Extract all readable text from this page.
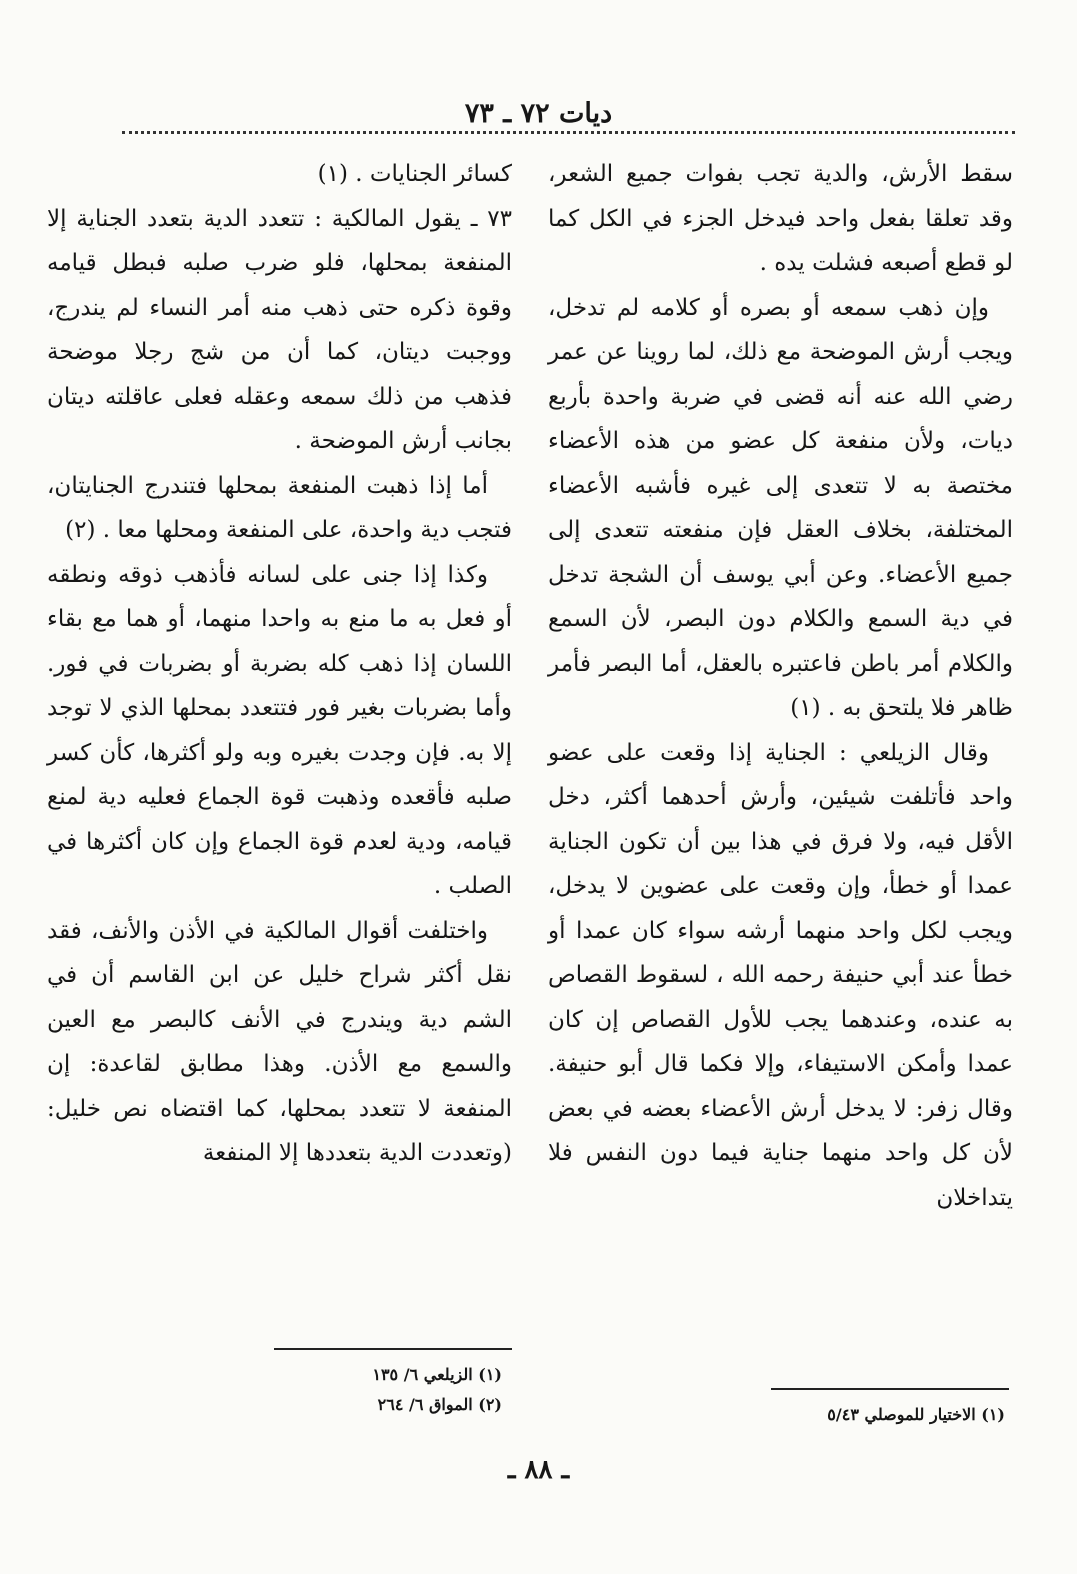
ديات ٧٢ ـ ٧٣

سقط الأرش، والدية تجب بفوات جميع الشعر، وقد تعلقا بفعل واحد فيدخل الجزء في الكل كما لو قطع أصبعه فشلت يده .

وإن ذهب سمعه أو بصره أو كلامه لم تدخل، ويجب أرش الموضحة مع ذلك، لما روينا عن عمر رضي الله عنه أنه قضى في ضربة واحدة بأربع ديات، ولأن منفعة كل عضو من هذه الأعضاء مختصة به لا تتعدى إلى غيره فأشبه الأعضاء المختلفة، بخلاف العقل فإن منفعته تتعدى إلى جميع الأعضاء. وعن أبي يوسف أن الشجة تدخل في دية السمع والكلام دون البصر، لأن السمع والكلام أمر باطن فاعتبره بالعقل، أما البصر فأمر ظاهر فلا يلتحق به . (١)

وقال الزيلعي : الجناية إذا وقعت على عضو واحد فأتلفت شيئين، وأرش أحدهما أكثر، دخل الأقل فيه، ولا فرق في هذا بين أن تكون الجناية عمدا أو خطأ، وإن وقعت على عضوين لا يدخل، ويجب لكل واحد منهما أرشه سواء كان عمدا أو خطأ عند أبي حنيفة رحمه الله ، لسقوط القصاص به عنده، وعندهما يجب للأول القصاص إن كان عمدا وأمكن الاستيفاء، وإلا فكما قال أبو حنيفة. وقال زفر: لا يدخل أرش الأعضاء بعضه في بعض لأن كل واحد منهما جناية فيما دون النفس فلا يتداخلان

كسائر الجنايات . (١)

٧٣ ـ يقول المالكية : تتعدد الدية بتعدد الجناية إلا المنفعة بمحلها، فلو ضرب صلبه فبطل قيامه وقوة ذكره حتى ذهب منه أمر النساء لم يندرج، ووجبت ديتان، كما أن من شج رجلا موضحة فذهب من ذلك سمعه وعقله فعلى عاقلته ديتان بجانب أرش الموضحة .

أما إذا ذهبت المنفعة بمحلها فتندرج الجنايتان، فتجب دية واحدة، على المنفعة ومحلها معا . (٢)

وكذا إذا جنى على لسانه فأذهب ذوقه ونطقه أو فعل به ما منع به واحدا منهما، أو هما مع بقاء اللسان إذا ذهب كله بضربة أو بضربات في فور. وأما بضربات بغير فور فتتعدد بمحلها الذي لا توجد إلا به. فإن وجدت بغيره وبه ولو أكثرها، كأن كسر صلبه فأقعده وذهبت قوة الجماع فعليه دية لمنع قيامه، ودية لعدم قوة الجماع وإن كان أكثرها في الصلب .

واختلفت أقوال المالكية في الأذن والأنف، فقد نقل أكثر شراح خليل عن ابن القاسم أن في الشم دية ويندرج في الأنف كالبصر مع العين والسمع مع الأذن. وهذا مطابق لقاعدة: إن المنفعة لا تتعدد بمحلها، كما اقتضاه نص خليل: (وتعددت الدية بتعددها إلا المنفعة

(١) الاختيار للموصلي ٥/٤٣
(١) الزيلعي ٦/ ١٣٥
(٢) المواق ٦/ ٢٦٤
ـ ٨٨ ـ
